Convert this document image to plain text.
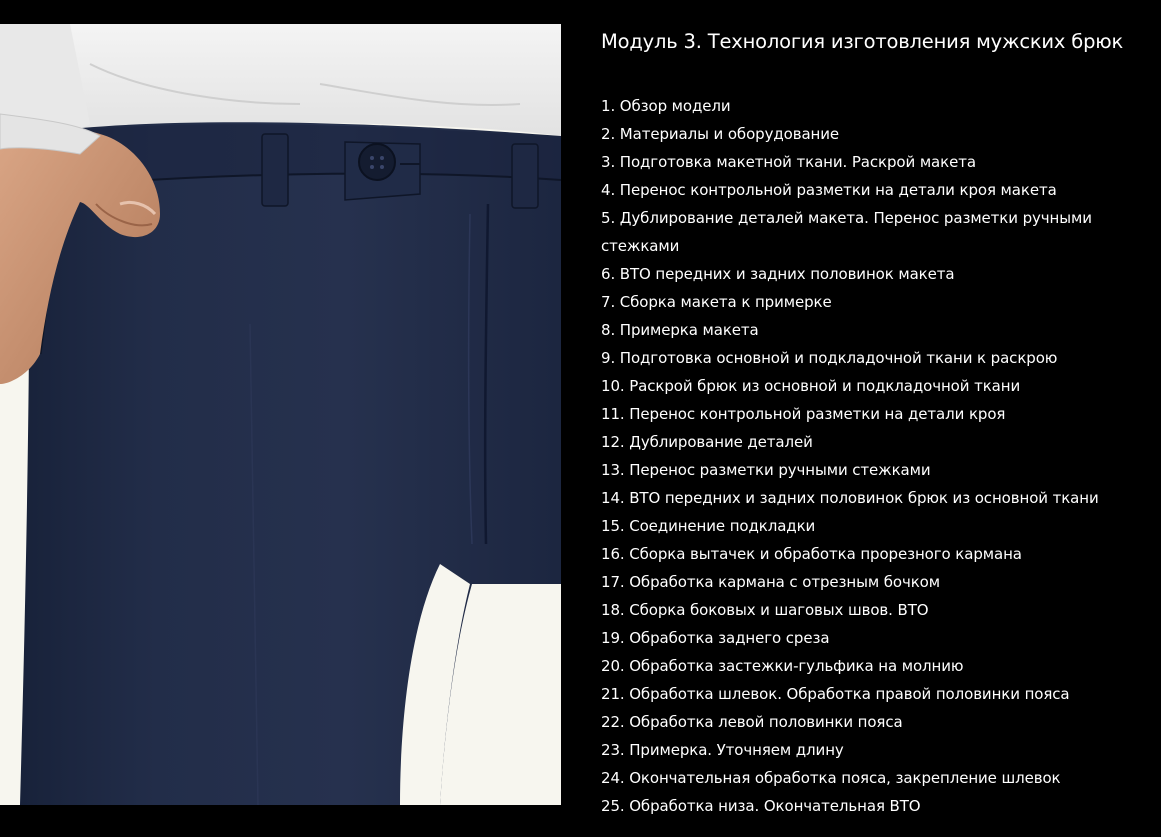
Модуль 3. Технология изготовления мужских брюк
1. Обзор модели
2. Материалы и оборудование
3. Подготовка макетной ткани. Раскрой макета
4. Перенос контрольной разметки на детали кроя макета
5. Дублирование деталей макета. Перенос разметки ручными стежками
6. ВТО передних и задних половинок макета
7. Сборка макета к примерке
8. Примерка макета
9. Подготовка основной и подкладочной ткани к раскрою
10. Раскрой брюк из основной и подкладочной ткани
11. Перенос контрольной разметки на детали кроя
12. Дублирование деталей
13. Перенос разметки ручными стежками
14. ВТО передних и задних половинок брюк из основной ткани
15. Соединение подкладки
16. Сборка вытачек и обработка прорезного кармана
17. Обработка кармана с отрезным бочком
18. Сборка боковых и шаговых швов. ВТО
19. Обработка заднего среза
20. Обработка застежки-гульфика на молнию
21. Обработка шлевок. Обработка правой половинки пояса
22. Обработка левой половинки пояса
23. Примерка. Уточняем длину
24. Окончательная обработка пояса, закрепление шлевок
25. Обработка низа. Окончательная ВТО
